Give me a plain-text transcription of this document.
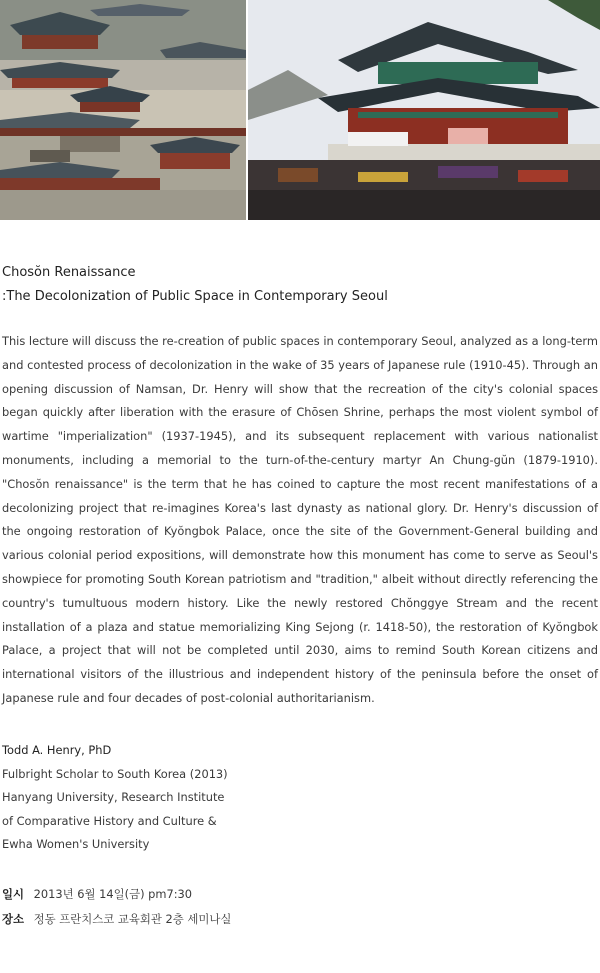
Chosŏn Renaissance
:The Decolonization of Public Space in Contemporary Seoul
This lecture will discuss the re-creation of public spaces in contemporary Seoul, analyzed as a long-term and contested process of decolonization in the wake of 35 years of Japanese rule (1910-45). Through an opening discussion of Namsan, Dr. Henry will show that the recreation of the city's colonial spaces began quickly after liberation with the erasure of Chōsen Shrine, perhaps the most violent symbol of wartime "imperialization" (1937-1945), and its subsequent replacement with various nationalist monuments, including a memorial to the turn-of-the-century martyr An Chung-gŭn (1879-1910). "Chosŏn renaissance" is the term that he has coined to capture the most recent manifestations of a decolonizing project that re-imagines Korea's last dynasty as national glory. Dr. Henry's discussion of the ongoing restoration of Kyŏngbok Palace, once the site of the Government-General building and various colonial period expositions, will demonstrate how this monument has come to serve as Seoul's showpiece for promoting South Korean patriotism and "tradition," albeit without directly referencing the country's tumultuous modern history. Like the newly restored Chŏnggye Stream and the recent installation of a plaza and statue memorializing King Sejong (r. 1418-50), the restoration of Kyŏngbok Palace, a project that will not be completed until 2030, aims to remind South Korean citizens and international visitors of the illustrious and independent history of the peninsula before the onset of Japanese rule and four decades of post-colonial authoritarianism.
Todd A. Henry, PhD
Fulbright Scholar to South Korea (2013)
Hanyang University, Research Institute
of Comparative History and Culture &
Ewha Women's University
일시 2013년 6월 14일(금) pm7:30
장소 정동 프란치스코 교육회관 2층 세미나실
